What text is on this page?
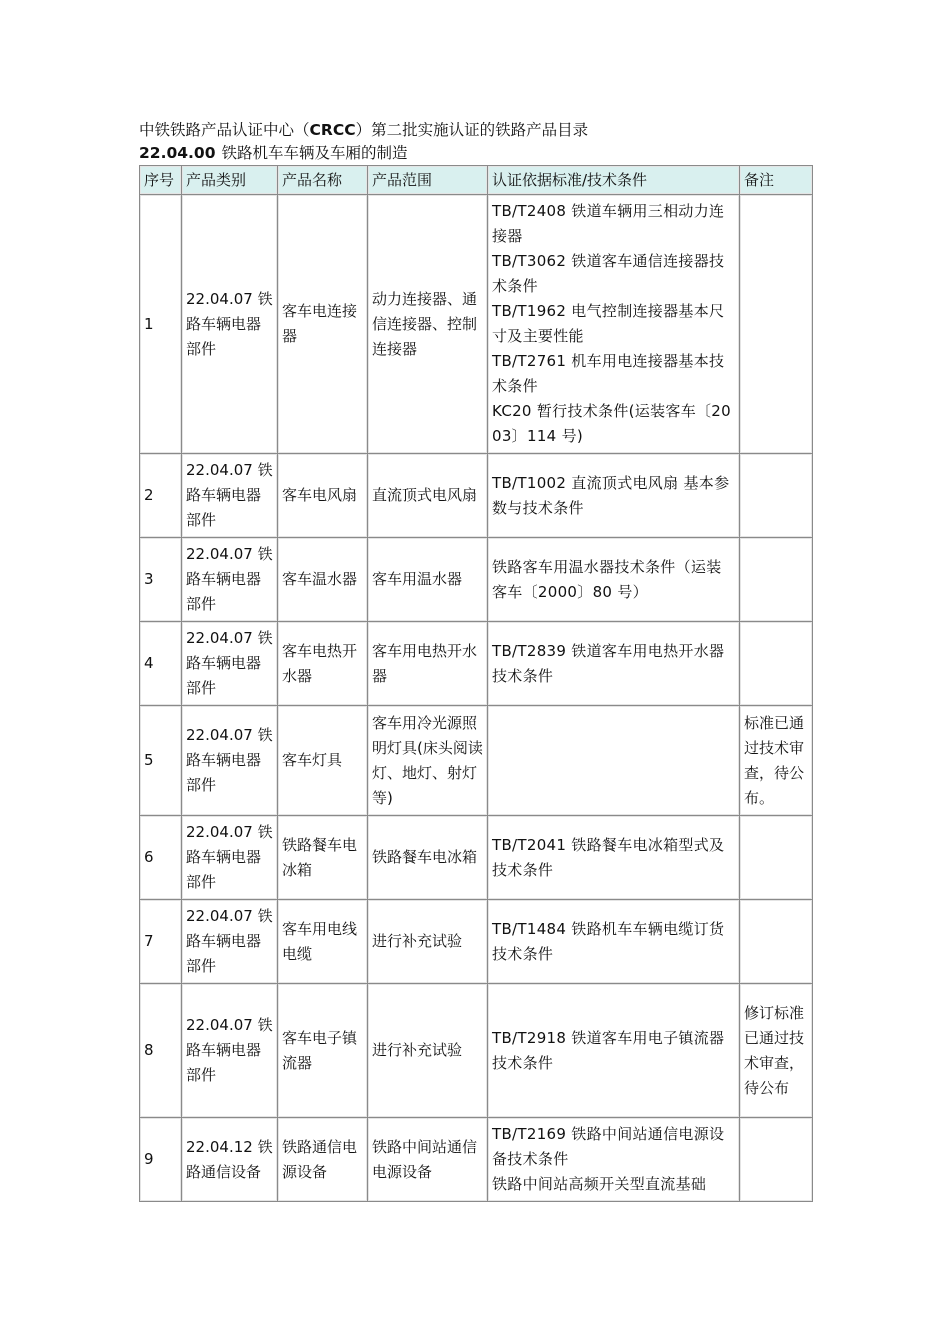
中铁铁路产品认证中心（CRCC）第二批实施认证的铁路产品目录
22.04.00 铁路机车车辆及车厢的制造
序号	产品类别	产品名称	产品范围	认证依据标准/技术条件	备注
1	22.04.07 铁路车辆电器部件	客车电连接器	动力连接器、通信连接器、控制连接器	TB/T2408 铁道车辆用三相动力连接器
TB/T3062 铁道客车通信连接器技术条件
TB/T1962 电气控制连接器基本尺寸及主要性能
TB/T2761 机车用电连接器基本技术条件
KC20 暂行技术条件(运装客车〔2003〕114 号)	

2	22.04.07 铁路车辆电器部件	客车电风扇	直流顶式电风扇	TB/T1002 直流顶式电风扇 基本参数与技术条件	

3	22.04.07 铁路车辆电器部件	客车温水器	客车用温水器	铁路客车用温水器技术条件（运装客车〔2000〕80 号）	

4	22.04.07 铁路车辆电器部件	客车电热开水器	客车用电热开水器	TB/T2839 铁道客车用电热开水器技术条件	

5	22.04.07 铁路车辆电器部件	客车灯具	客车用冷光源照明灯具(床头阅读灯、地灯、射灯等)		标准已通过技术审查，待公布。
6	22.04.07 铁路车辆电器部件	铁路餐车电冰箱	铁路餐车电冰箱	TB/T2041 铁路餐车电冰箱型式及技术条件	

7	22.04.07 铁路车辆电器部件	客车用电线电缆	进行补充试验	TB/T1484 铁路机车车辆电缆订货技术条件	

8	22.04.07 铁路车辆电器部件	客车电子镇流器	进行补充试验	TB/T2918 铁道客车用电子镇流器技术条件	修订标准已通过技术审查，待公布
9	22.04.12 铁路通信设备	铁路通信电源设备	铁路中间站通信电源设备	TB/T2169 铁路中间站通信电源设备技术条件
铁路中间站高频开关型直流基础	
